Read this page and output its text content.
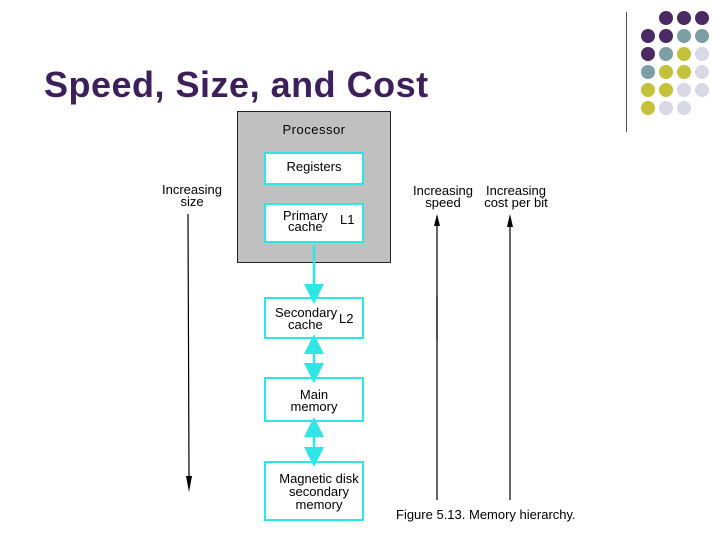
Speed, Size, and Cost
Processor
Registers
Primary
cache L1
Secondary
cache L2
Main
memory
Magnetic disk
secondary
memory
Increasing
size
Increasing
speed
Increasing
cost per bit
Figure 5.13. Memory hierarchy.
